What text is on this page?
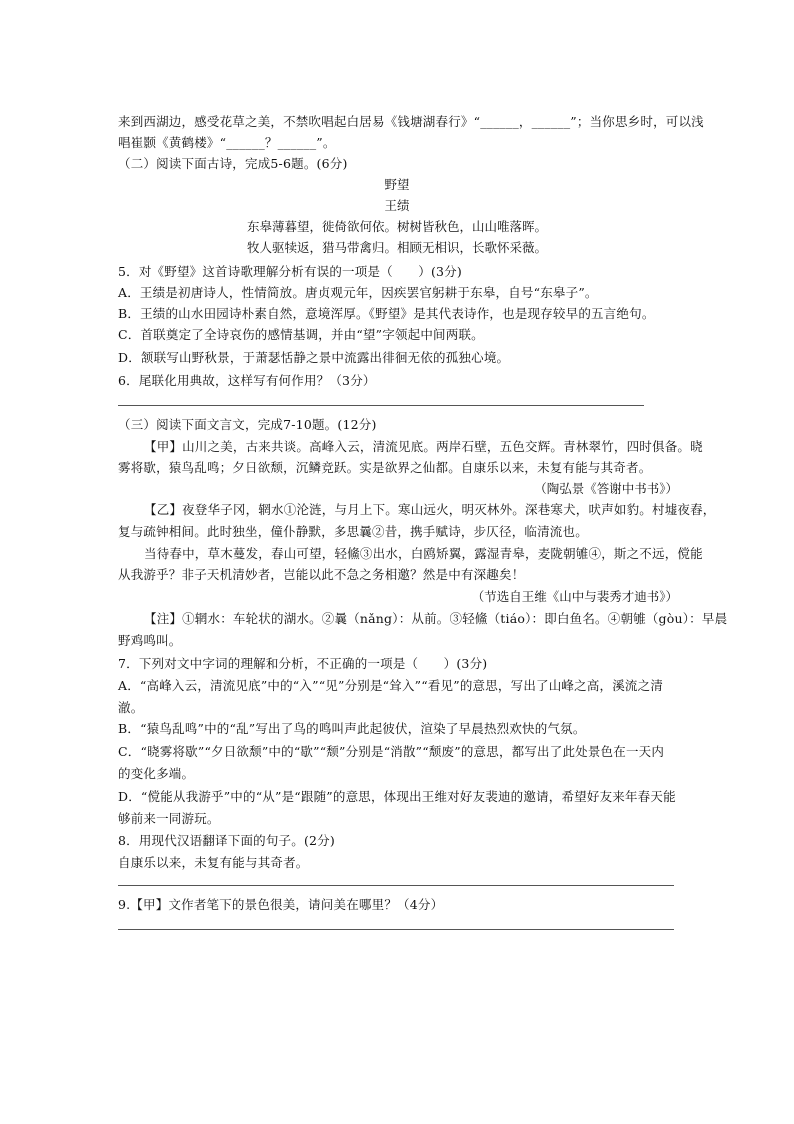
来到西湖边，感受花草之美，不禁吹唱起白居易《钱塘湖春行》“______，______”；当你思乡时，可以浅
唱崔颢《黄鹤楼》“______？______”。
（二）阅读下面古诗，完成5-6题。(6分)
野望
王绩
东皋薄暮望，徙倚欲何依。树树皆秋色，山山唯落晖。
牧人驱犊返，猎马带禽归。相顾无相识，长歌怀采薇。
5．对《野望》这首诗歌理解分析有误的一项是（　　）(3分)
A．王绩是初唐诗人，性情简放。唐贞观元年，因疾罢官躬耕于东皋，自号“东皋子”。
B．王绩的山水田园诗朴素自然，意境浑厚。《野望》是其代表诗作，也是现存较早的五言绝句。
C．首联奠定了全诗哀伤的感情基调，并由“望”字领起中间两联。
D．颔联写山野秋景，于萧瑟恬静之景中流露出徘徊无依的孤独心境。
6．尾联化用典故，这样写有何作用？（3分）
（三）阅读下面文言文，完成7-10题。(12分)
【甲】山川之美，古来共谈。高峰入云，清流见底。两岸石壁，五色交辉。青林翠竹，四时俱备。晓
雾将歇，猿鸟乱鸣；夕日欲颓，沉鳞竞跃。实是欲界之仙都。自康乐以来，未复有能与其奇者。
（陶弘景《答谢中书书》）
【乙】夜登华子冈，辋水①沦涟，与月上下。寒山远火，明灭林外。深巷寒犬，吠声如豹。村墟夜舂，
复与疏钟相间。此时独坐，僮仆静默，多思曩②昔，携手赋诗，步仄径，临清流也。
当待春中，草木蔓发，春山可望，轻鯈③出水，白鸥矫翼，露湿青皋，麦陇朝雊④，斯之不远，傥能
从我游乎？非子天机清妙者，岂能以此不急之务相邀？然是中有深趣矣！
（节选自王维《山中与裴秀才迪书》）
【注】①辋水：车轮状的湖水。②曩（nǎng）：从前。③轻鯈（tiáo）：即白鱼名。④朝雊（gòu）：早晨
野鸡鸣叫。
7．下列对文中字词的理解和分析，不正确的一项是（　　）(3分)
A．“高峰入云，清流见底”中的“入”“见”分别是“耸入”“看见”的意思，写出了山峰之高，溪流之清
澈。
B．“猿鸟乱鸣”中的“乱”写出了鸟的鸣叫声此起彼伏，渲染了早晨热烈欢快的气氛。
C．“晓雾将歇”“夕日欲颓”中的“歇”“颓”分别是“消散”“颓废”的意思，都写出了此处景色在一天内
的变化多端。
D．“傥能从我游乎”中的“从”是“跟随”的意思，体现出王维对好友裴迪的邀请，希望好友来年春天能
够前来一同游玩。
8．用现代汉语翻译下面的句子。(2分)
自康乐以来，未复有能与其奇者。
9.【甲】文作者笔下的景色很美，请问美在哪里？（4分）
